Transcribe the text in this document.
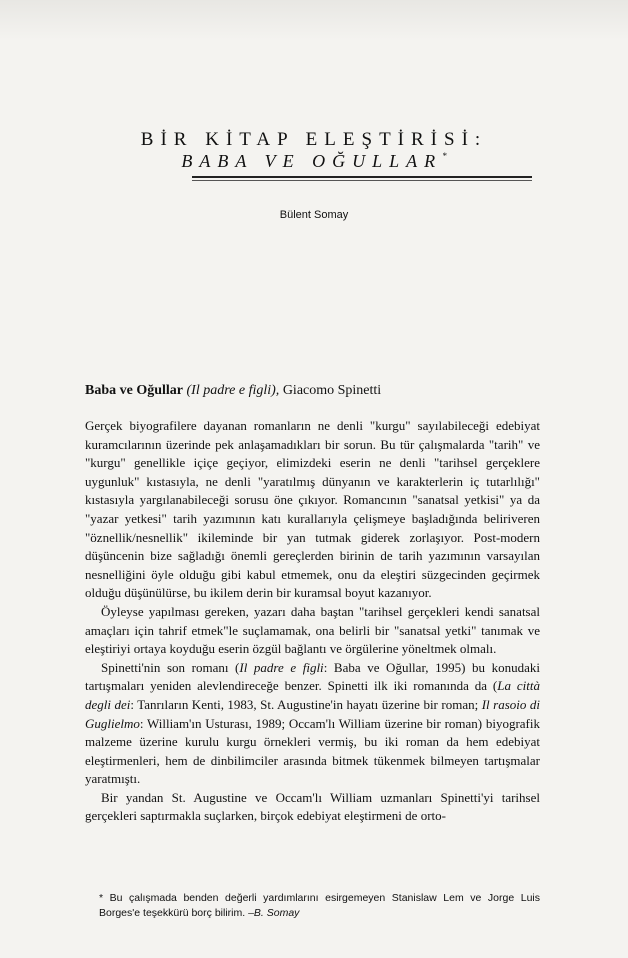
BİR KİTAP ELEŞTİRİSİ:
BABA VE OĞULLAR*
Bülent Somay
Baba ve Oğullar (Il padre e figli), Giacomo Spinetti

Gerçek biyografilere dayanan romanların ne denli "kurgu" sayılabileceği edebiyat kuramcılarının üzerinde pek anlaşamadıkları bir sorun. Bu tür çalışmalarda "tarih" ve "kurgu" genellikle içiçe geçiyor, elimizdeki eserin ne denli "tarihsel gerçeklere uygunluk" kıstasıyla, ne denli "yaratılmış dünyanın ve karakterlerin iç tutarlılığı" kıstasıyla yargılanabileceği sorusu öne çıkıyor. Romancının "sanatsal yetkisi" ya da "yazar yetkesi" tarih yazımının katı kurallarıyla çelişmeye başladığında beliriveren "öznellik/nesnellik" ikileminde bir yan tutmak giderek zorlaşıyor. Post-modern düşüncenin bize sağladığı önemli gereçlerden birinin de tarih yazımının varsayılan nesnelliğini öyle olduğu gibi kabul etmemek, onu da eleştiri süzgecinden geçirmek olduğu düşünülürse, bu ikilem derin bir kuramsal boyut kazanıyor.

Öyleyse yapılması gereken, yazarı daha baştan "tarihsel gerçekleri kendi sanatsal amaçları için tahrif etmek"le suçlamamak, ona belirli bir "sanatsal yetki" tanımak ve eleştiriyi ortaya koyduğu eserin özgül bağlantı ve örgülerine yöneltmek olmalı.

Spinetti'nin son romanı (Il padre e figli: Baba ve Oğullar, 1995) bu konudaki tartışmaları yeniden alevlendireceğe benzer. Spinetti ilk iki romanında da (La città degli dei: Tanrıların Kenti, 1983, St. Augustine'in hayatı üzerine bir roman; Il rasoio di Guglielmo: William'ın Usturası, 1989; Occam'lı William üzerine bir roman) biyografik malzeme üzerine kurulu kurgu örnekleri vermiş, bu iki roman da hem edebiyat eleştirmenleri, hem de dinbilimciler arasında bitmek tükenmek bilmeyen tartışmalar yaratmıştı.

Bir yandan St. Augustine ve Occam'lı William uzmanları Spinetti'yi tarihsel gerçekleri saptırmakla suçlarken, birçok edebiyat eleştirmeni de orto-

* Bu çalışmada benden değerli yardımlarını esirgemeyen Stanislaw Lem ve Jorge Luis Borges'e teşekkürü borç bilirim. –B. Somay
